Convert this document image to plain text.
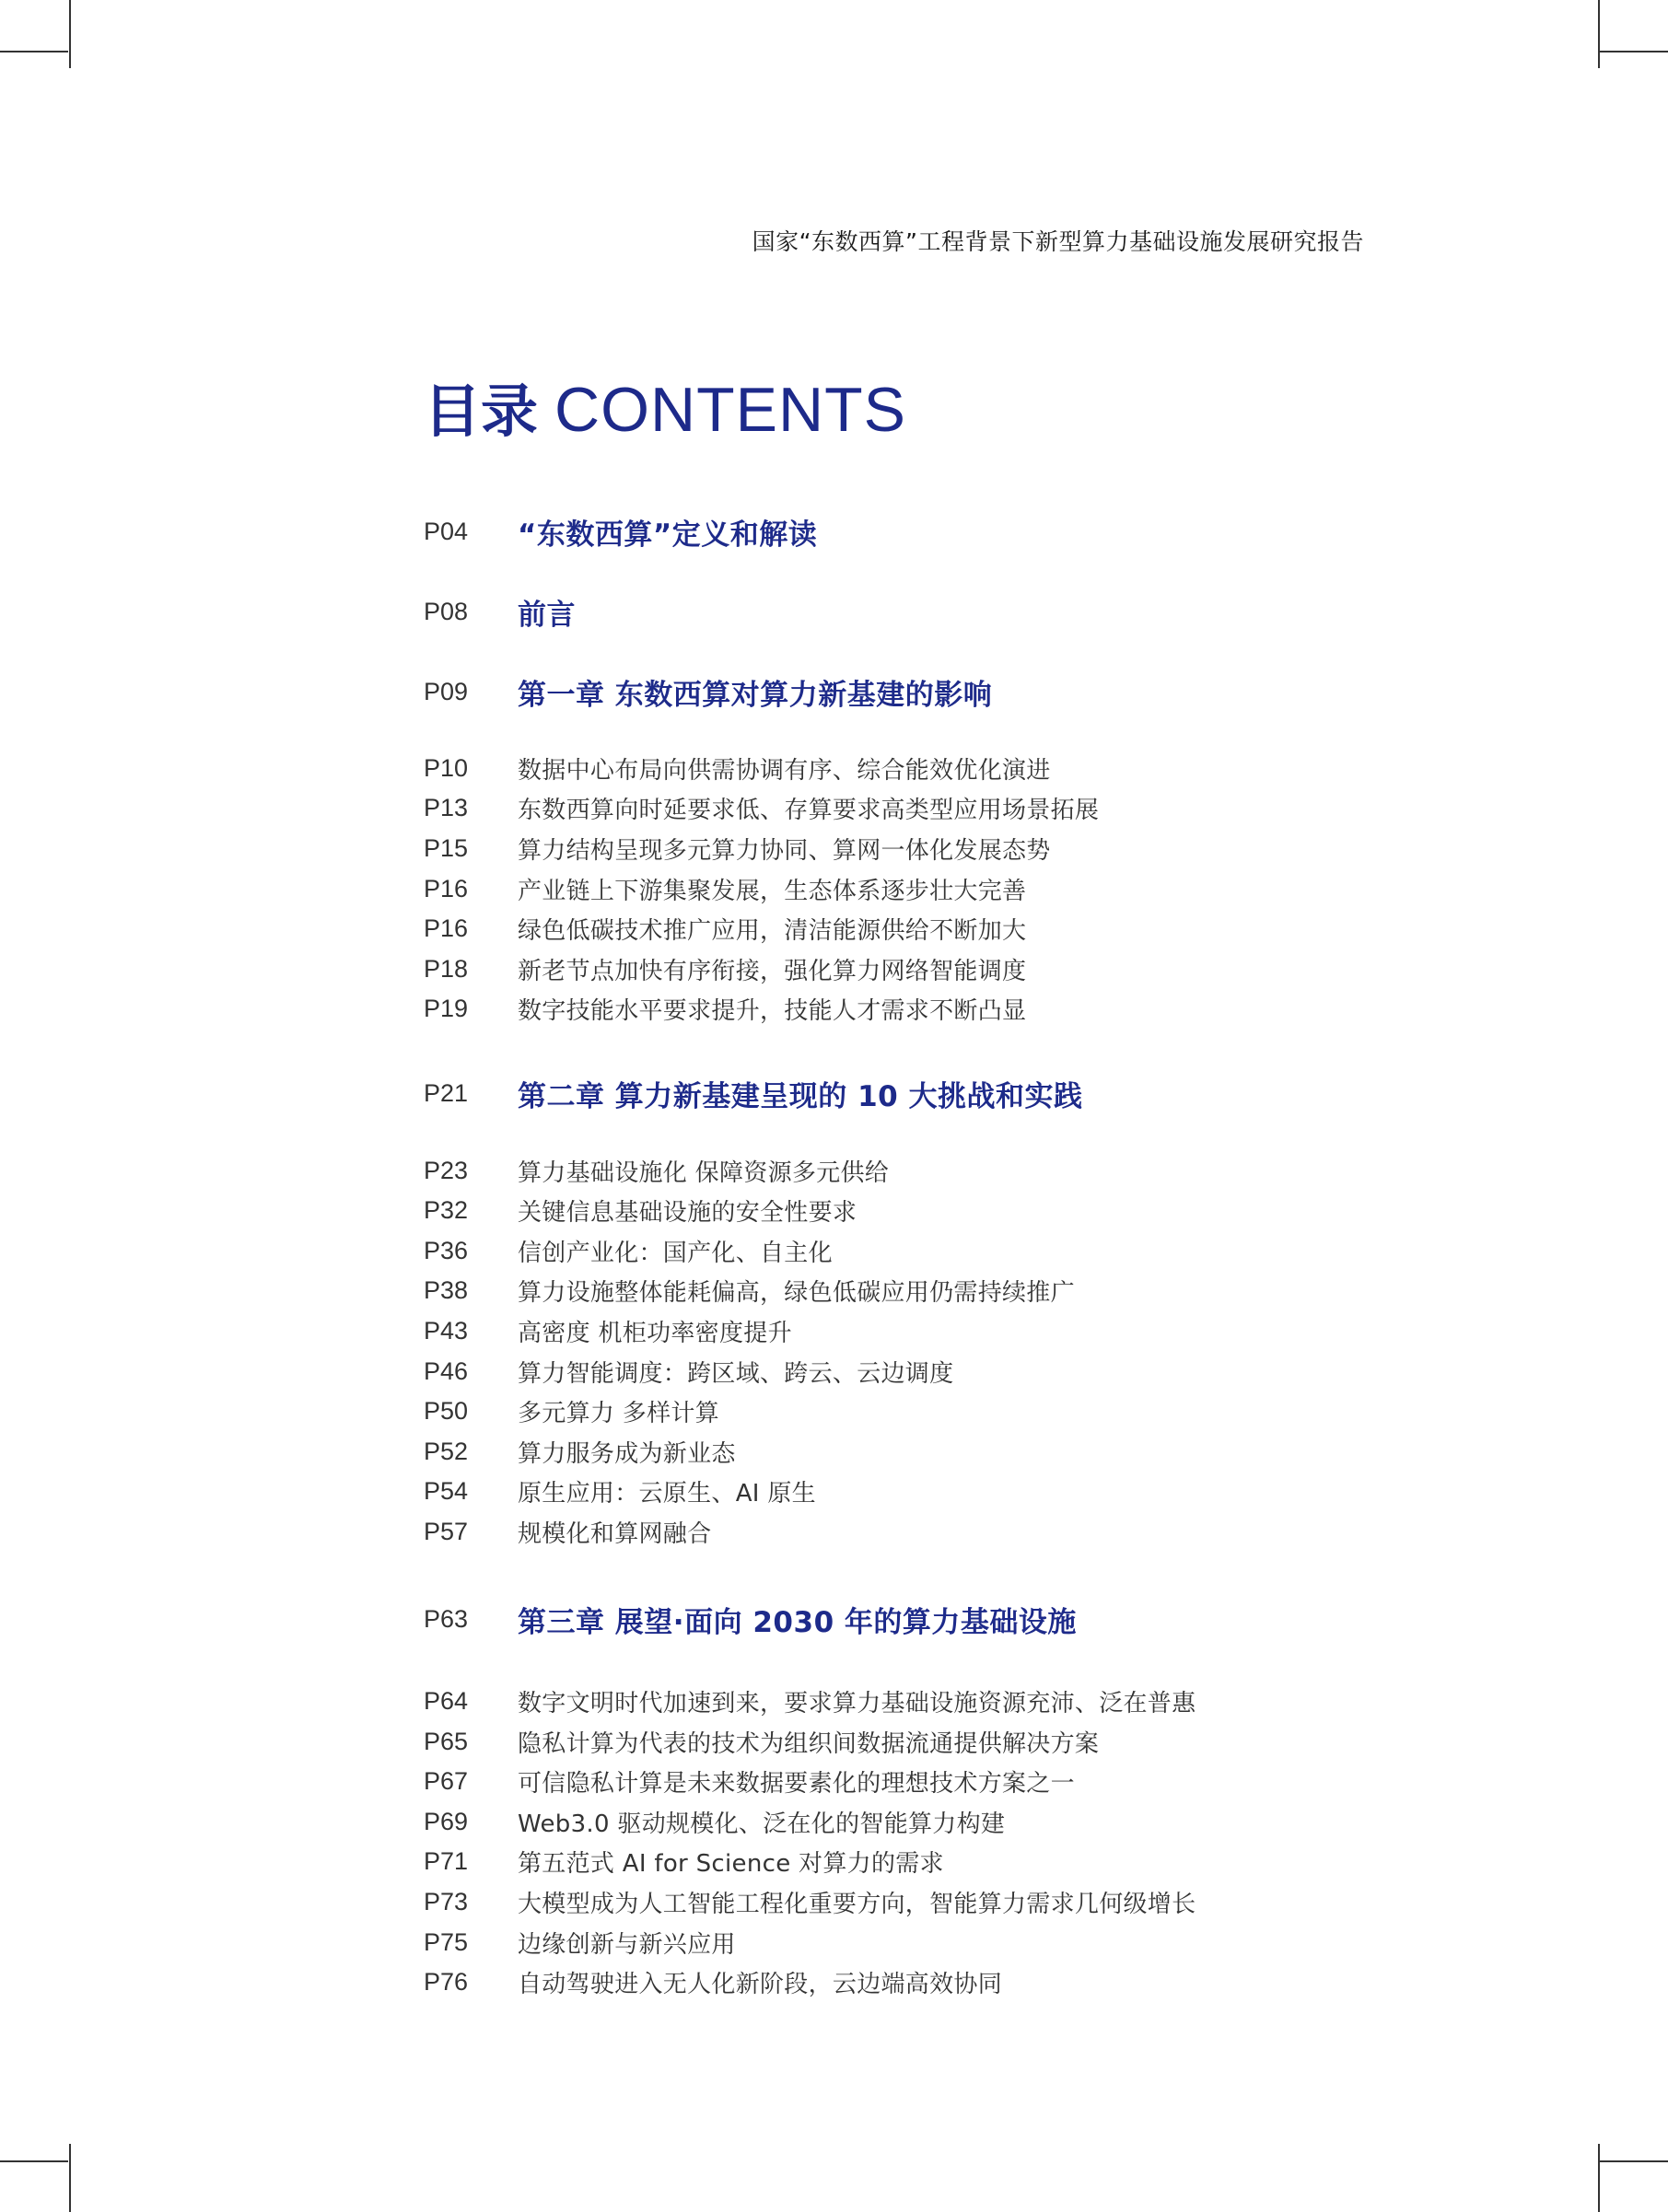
国家“东数西算”工程背景下新型算力基础设施发展研究报告
目录 CONTENTS
P04	“东数西算”定义和解读
P08	前言
P09	第一章 东数西算对算力新基建的影响
P10	数据中心布局向供需协调有序、综合能效优化演进
P13	东数西算向时延要求低、存算要求高类型应用场景拓展
P15	算力结构呈现多元算力协同、算网一体化发展态势
P16	产业链上下游集聚发展，生态体系逐步壮大完善
P16	绿色低碳技术推广应用，清洁能源供给不断加大
P18	新老节点加快有序衔接，强化算力网络智能调度
P19	数字技能水平要求提升，技能人才需求不断凸显
P21	第二章 算力新基建呈现的 10 大挑战和实践
P23	算力基础设施化 保障资源多元供给
P32	关键信息基础设施的安全性要求
P36	信创产业化：国产化、自主化
P38	算力设施整体能耗偏高，绿色低碳应用仍需持续推广
P43	高密度 机柜功率密度提升
P46	算力智能调度：跨区域、跨云、云边调度
P50	多元算力 多样计算
P52	算力服务成为新业态
P54	原生应用：云原生、AI 原生
P57	规模化和算网融合
P63	第三章 展望·面向 2030 年的算力基础设施
P64	数字文明时代加速到来，要求算力基础设施资源充沛、泛在普惠
P65	隐私计算为代表的技术为组织间数据流通提供解决方案
P67	可信隐私计算是未来数据要素化的理想技术方案之一
P69	Web3.0 驱动规模化、泛在化的智能算力构建
P71	第五范式 AI for Science 对算力的需求
P73	大模型成为人工智能工程化重要方向，智能算力需求几何级增长
P75	边缘创新与新兴应用
P76	自动驾驶进入无人化新阶段，云边端高效协同
